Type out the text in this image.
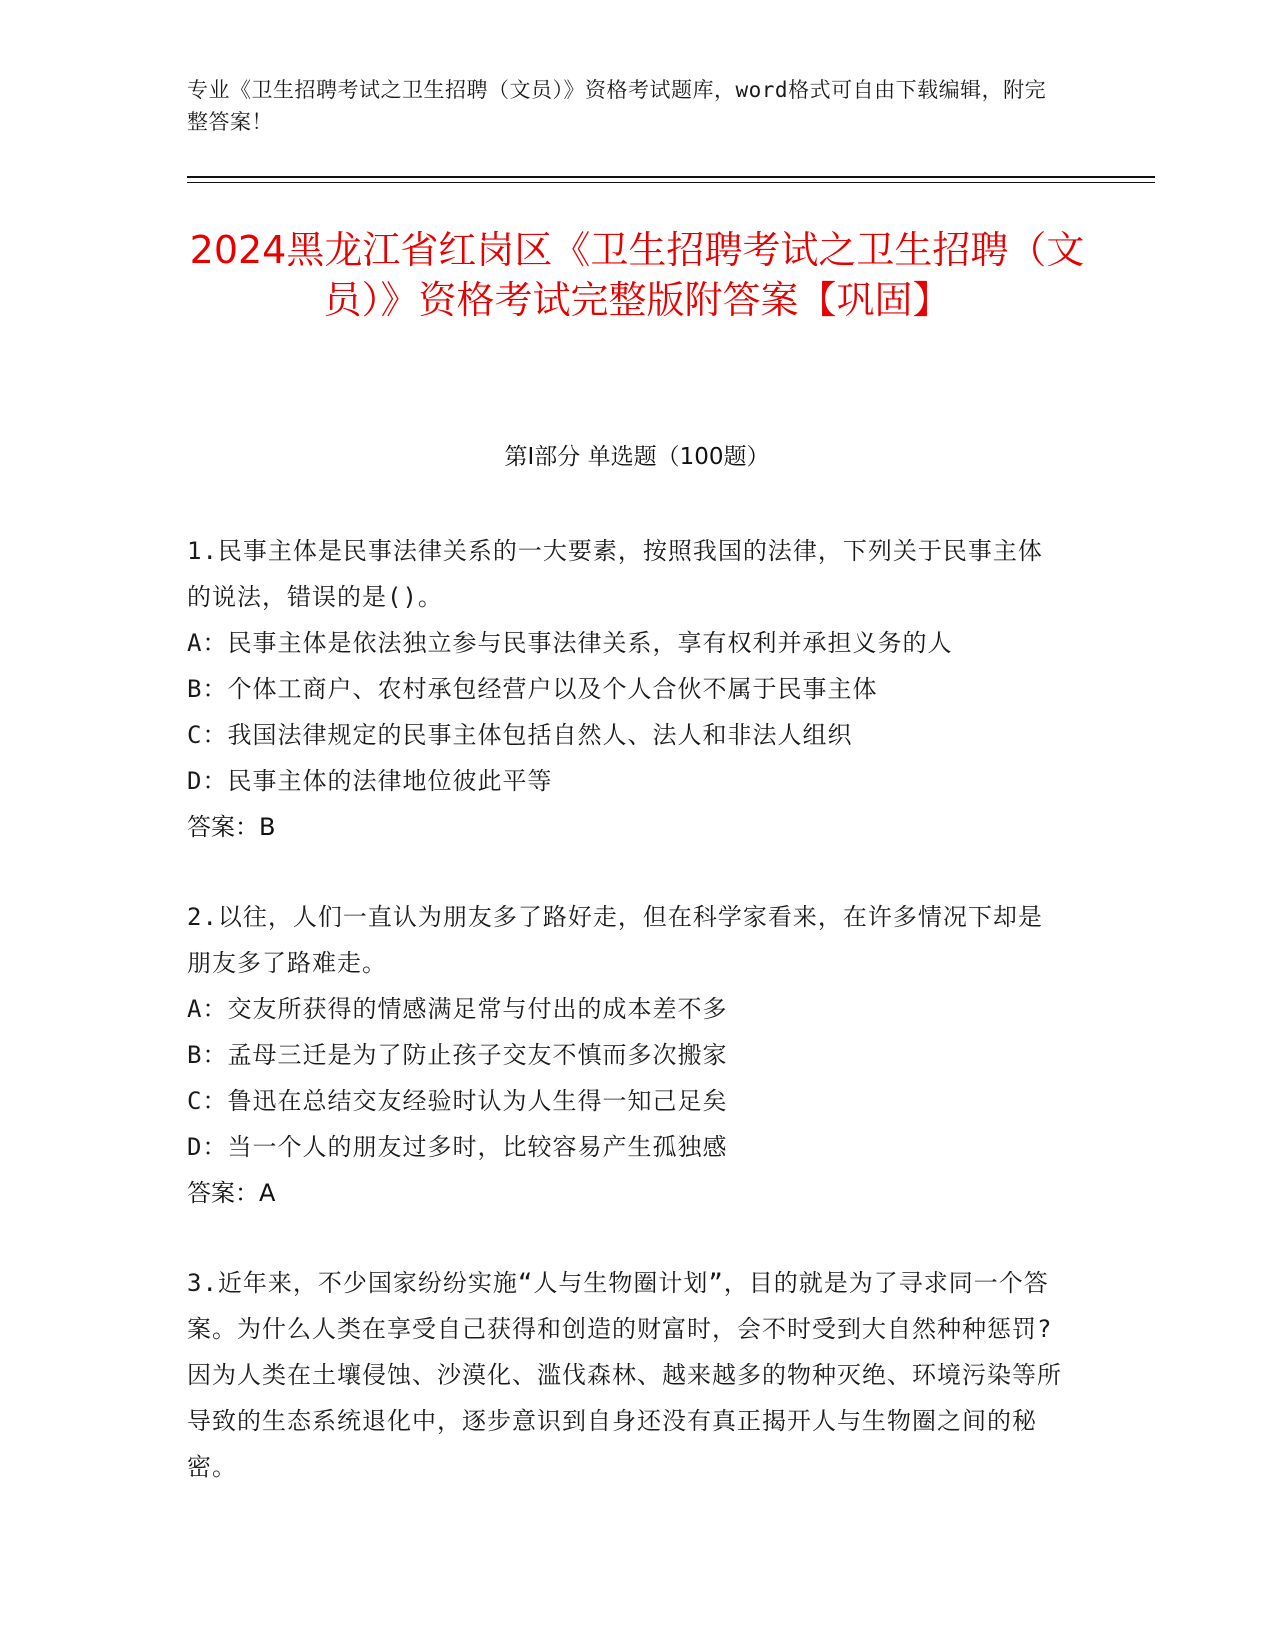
专业《卫生招聘考试之卫生招聘（文员）》资格考试题库，word格式可自由下载编辑，附完整答案！
2024黑龙江省红岗区《卫生招聘考试之卫生招聘（文员）》资格考试完整版附答案【巩固】
第I部分 单选题（100题）

1.民事主体是民事法律关系的一大要素，按照我国的法律，下列关于民事主体的说法，错误的是()。

A：民事主体是依法独立参与民事法律关系，享有权利并承担义务的人

B：个体工商户、农村承包经营户以及个人合伙不属于民事主体

C：我国法律规定的民事主体包括自然人、法人和非法人组织

D：民事主体的法律地位彼此平等

答案：B

2.以往，人们一直认为朋友多了路好走，但在科学家看来，在许多情况下却是朋友多了路难走。

A：交友所获得的情感满足常与付出的成本差不多

B：孟母三迁是为了防止孩子交友不慎而多次搬家

C：鲁迅在总结交友经验时认为人生得一知己足矣

D：当一个人的朋友过多时，比较容易产生孤独感

答案：A

3.近年来，不少国家纷纷实施“人与生物圈计划”，目的就是为了寻求同一个答案。为什么人类在享受自己获得和创造的财富时，会不时受到大自然种种惩罚?因为人类在土壤侵蚀、沙漠化、滥伐森林、越来越多的物种灭绝、环境污染等所导致的生态系统退化中，逐步意识到自身还没有真正揭开人与生物圈之间的秘密。
